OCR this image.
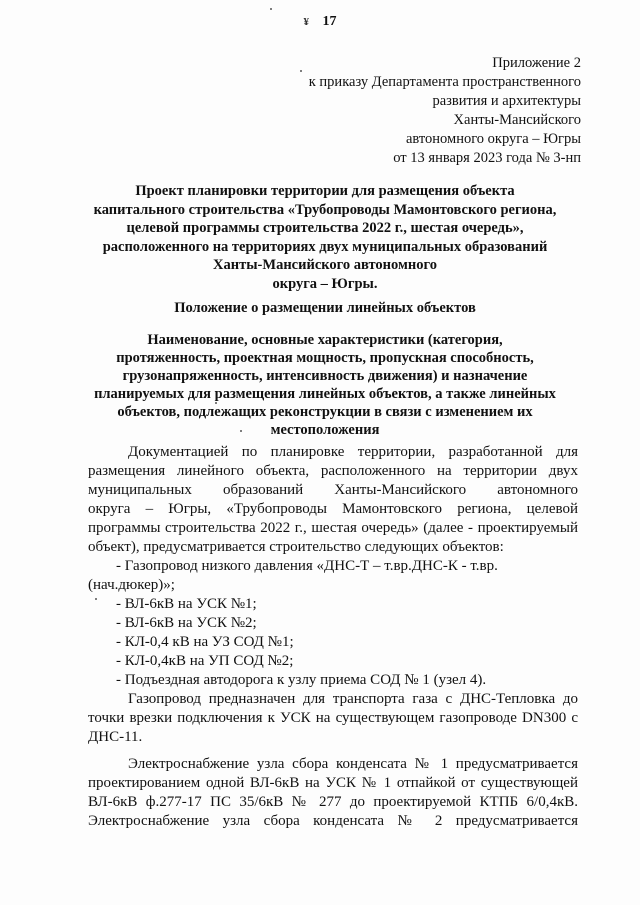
¥ 17
Приложение 2
к приказу Департамента пространственного
развития и архитектуры
Ханты-Мансийского
автономного округа – Югры
от 13 января 2023 года № 3-нп
Проект планировки территории для размещения объекта
капитального строительства «Трубопроводы Мамонтовского региона,
целевой программы строительства 2022 г., шестая очередь»,
расположенного на территориях двух муниципальных образований
Ханты-Мансийского автономного
округа – Югры.
Положение о размещении линейных объектов
Наименование, основные характеристики (категория,
протяженность, проектная мощность, пропускная способность,
грузонапряженность, интенсивность движения) и назначение
планируемых для размещения линейных объектов, а также линейных
объектов, подлежащих реконструкции в связи с изменением их
местоположения
Документацией по планировке территории, разработанной для
размещения линейного объекта, расположенного на территории двух
муниципальных образований Ханты-Мансийского автономного
округа – Югры, «Трубопроводы Мамонтовского региона, целевой
программы строительства 2022 г., шестая очередь» (далее - проектируемый
объект), предусматривается строительство следующих объектов:
- Газопровод низкого давления «ДНС-Т – т.вр.ДНС-К - т.вр.
(нач.дюкер)»;
- ВЛ-6кВ на УСК №1;
- ВЛ-6кВ на УСК №2;
- КЛ-0,4 кВ на УЗ СОД №1;
- КЛ-0,4кВ на УП СОД №2;
- Подъездная автодорога к узлу приема СОД № 1 (узел 4).
Газопровод предназначен для транспорта газа с ДНС-Тепловка до
точки врезки подключения к УСК на существующем газопроводе DN300 с
ДНС-11.
Электроснабжение узла сбора конденсата № 1 предусматривается
проектированием одной ВЛ-6кВ на УСК № 1 отпайкой от существующей
ВЛ-6кВ ф.277-17 ПС 35/6кВ № 277 до проектируемой КТПБ 6/0,4кВ.
Электроснабжение узла сбора конденсата № 2 предусматривается
